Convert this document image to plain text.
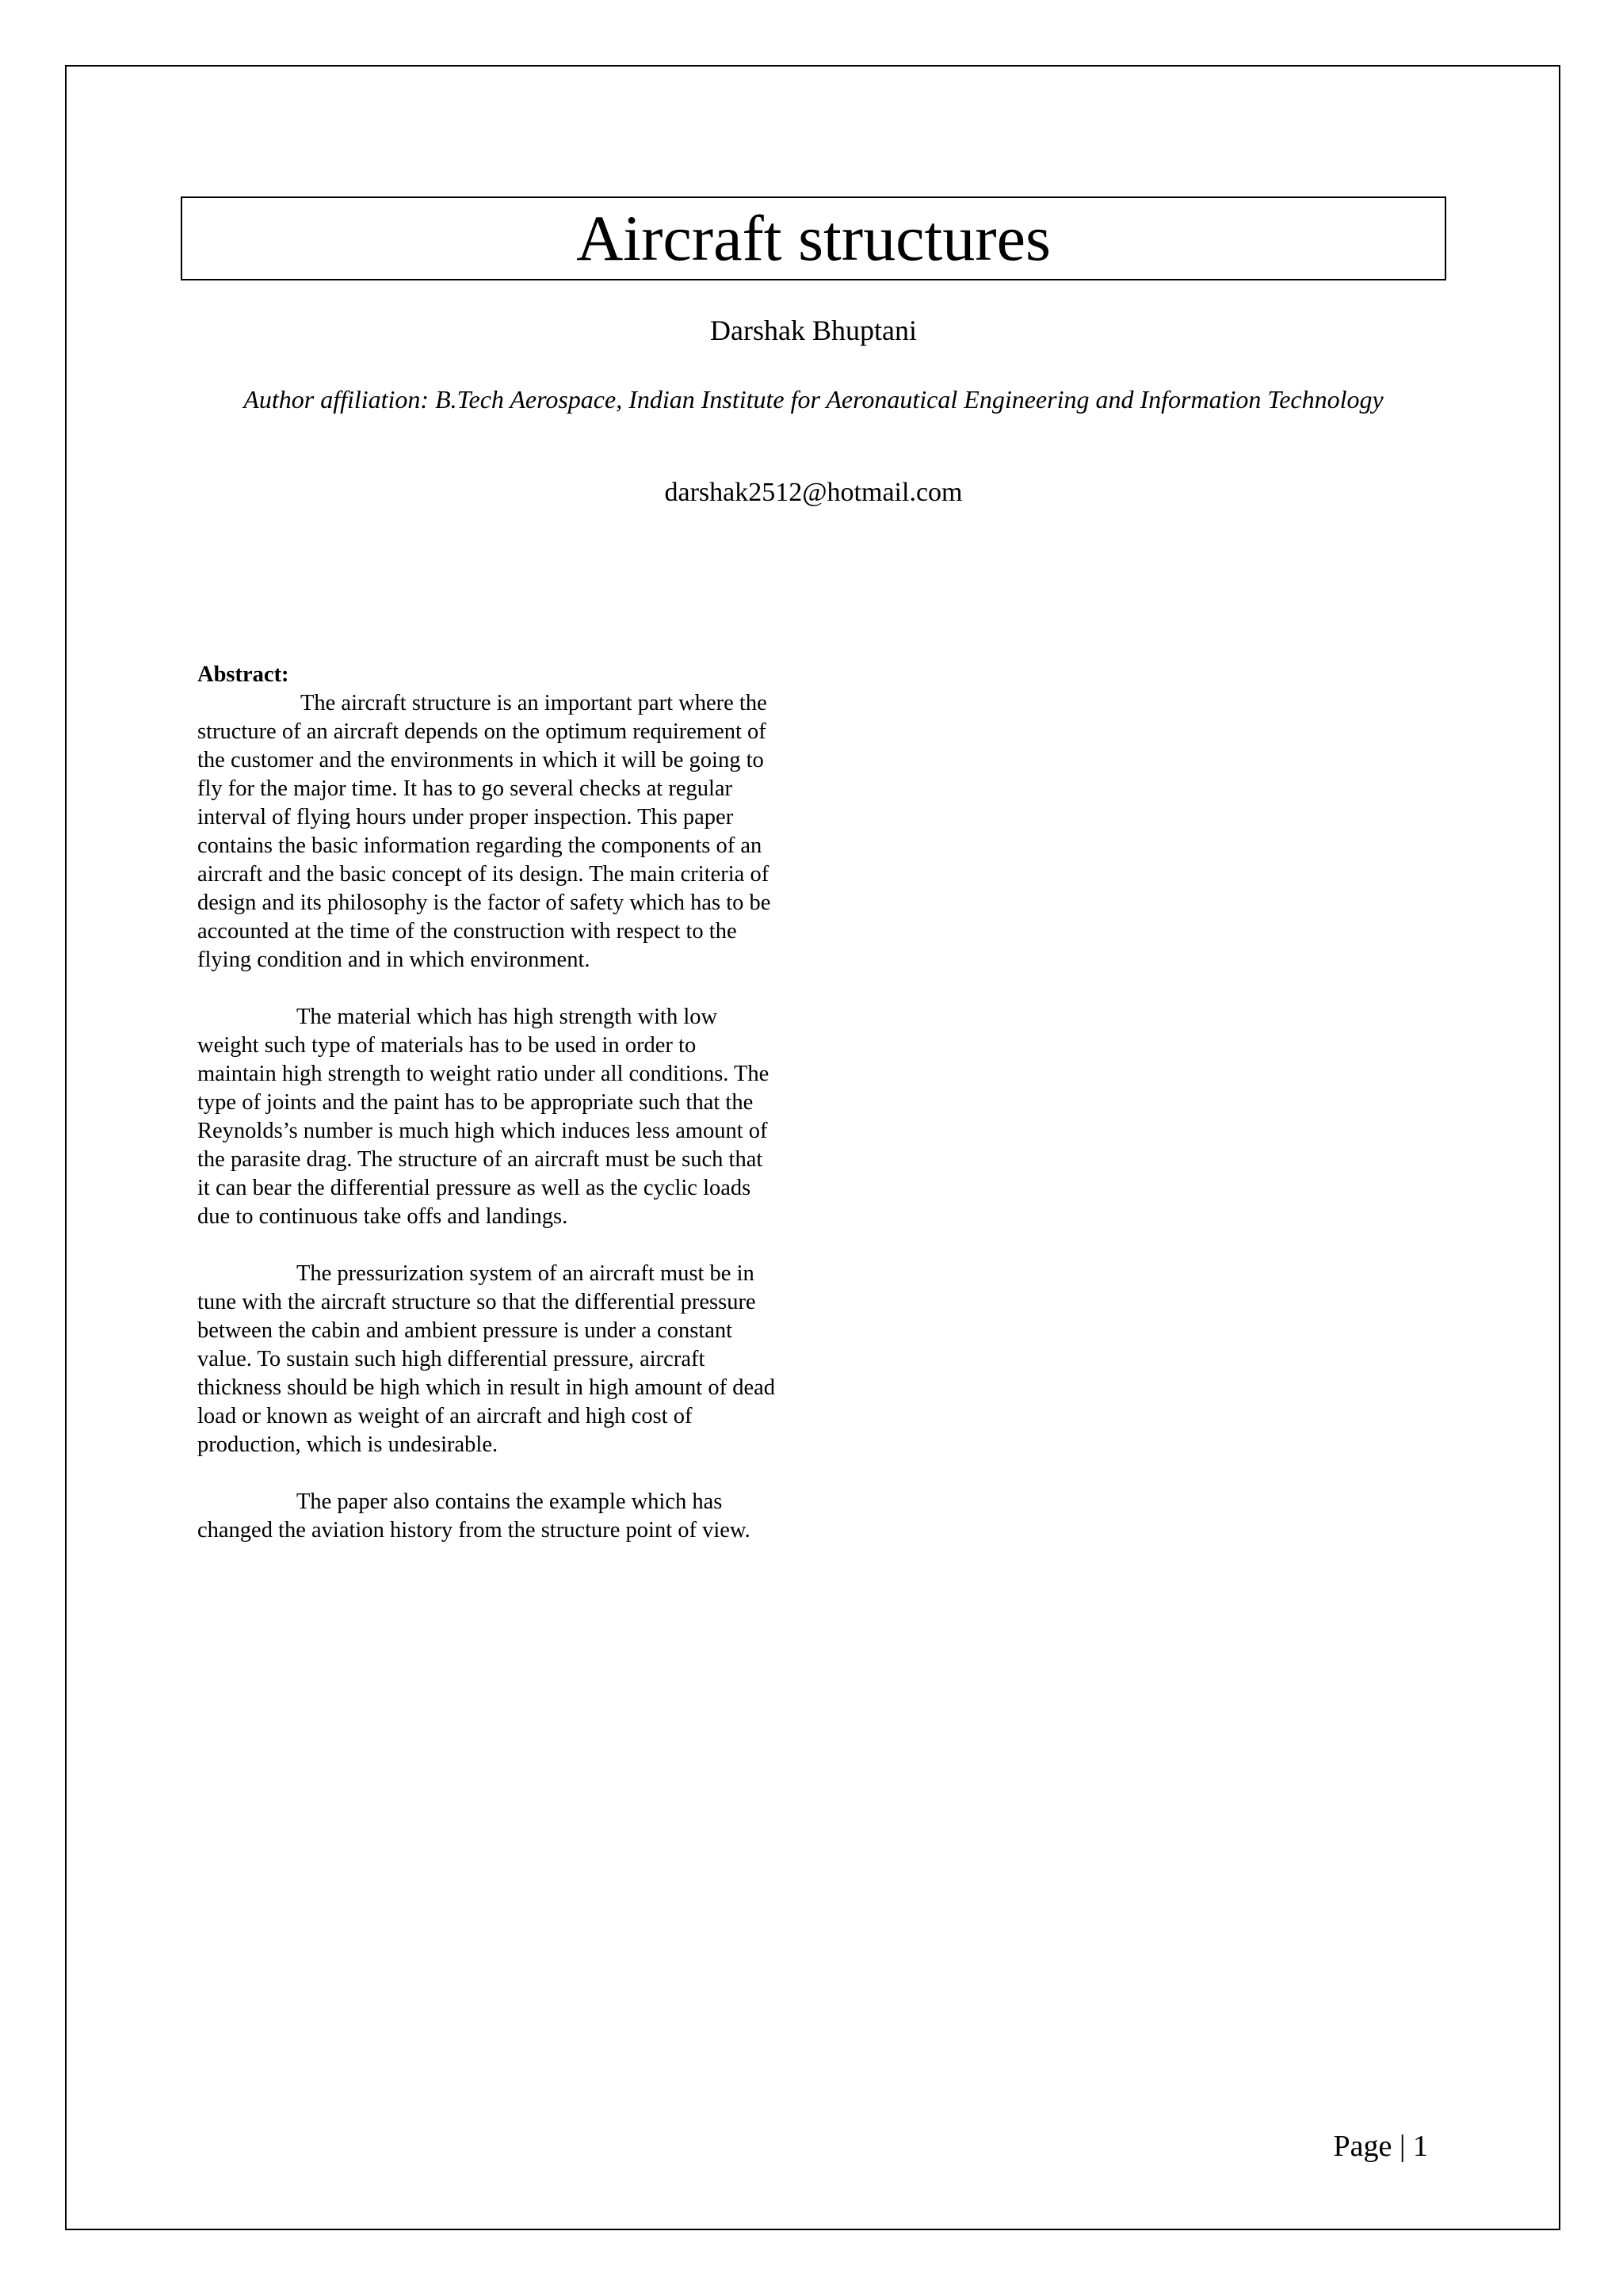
Aircraft structures
Darshak Bhuptani
Author affiliation: B.Tech Aerospace, Indian Institute for Aeronautical Engineering and Information Technology
darshak2512@hotmail.com
Abstract:

The aircraft structure is an important part where the structure of an aircraft depends on the optimum requirement of the customer and the environments in which it will be going to fly for the major time. It has to go several checks at regular interval of flying hours under proper inspection. This paper contains the basic information regarding the components of an aircraft and the basic concept of its design. The main criteria of design and its philosophy is the factor of safety which has to be accounted at the time of the construction with respect to the flying condition and in which environment.

The material which has high strength with low weight such type of materials has to be used in order to maintain high strength to weight ratio under all conditions. The type of joints and the paint has to be appropriate such that the Reynolds’s number is much high which induces less amount of the parasite drag. The structure of an aircraft must be such that it can bear the differential pressure as well as the cyclic loads due to continuous take offs and landings.

The pressurization system of an aircraft must be in tune with the aircraft structure so that the differential pressure between the cabin and ambient pressure is under a constant value. To sustain such high differential pressure, aircraft thickness should be high which in result in high amount of dead load or known as weight of an aircraft and high cost of production, which is undesirable.

The paper also contains the example which has changed the aviation history from the structure point of view.

Page | 1
